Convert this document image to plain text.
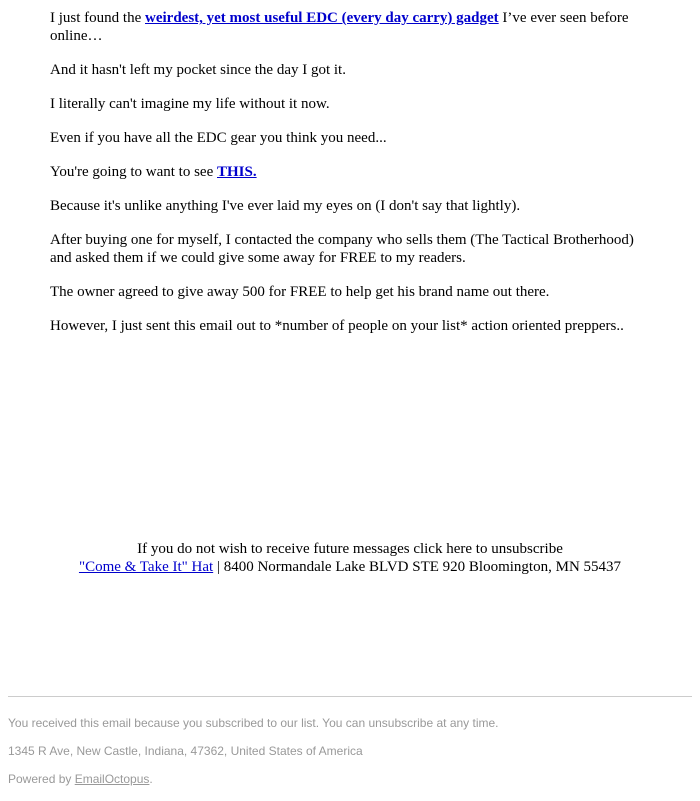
I just found the weirdest, yet most useful EDC (every day carry) gadget I’ve ever seen before online…

And it hasn't left my pocket since the day I got it.

I literally can't imagine my life without it now.

Even if you have all the EDC gear you think you need...

You're going to want to see THIS.

Because it's unlike anything I've ever laid my eyes on (I don't say that lightly).

After buying one for myself, I contacted the company who sells them (The Tactical Brotherhood) and asked them if we could give some away for FREE to my readers.

The owner agreed to give away 500 for FREE to help get his brand name out there.

However, I just sent this email out to *number of people on your list* action oriented preppers..

If you do not wish to receive future messages click here to unsubscribe
"Come & Take It" Hat | 8400 Normandale Lake BLVD STE 920 Bloomington, MN 55437

You received this email because you subscribed to our list. You can unsubscribe at any time.

1345 R Ave, New Castle, Indiana, 47362, United States of America

Powered by EmailOctopus.
